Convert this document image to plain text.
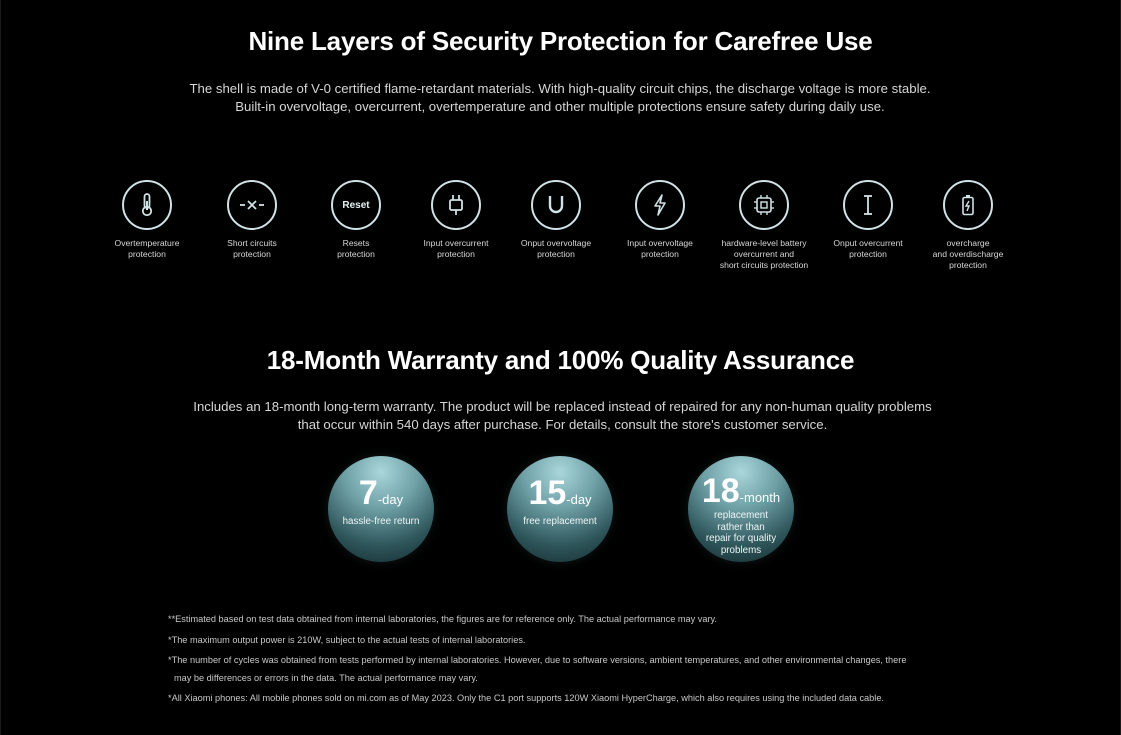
Nine Layers of Security Protection for Carefree Use
The shell is made of V-0 certified flame-retardant materials. With high-quality circuit chips, the discharge voltage is more stable. Built-in overvoltage, overcurrent, overtemperature and other multiple protections ensure safety during daily use.
Overtemperature
protection
Short circuits
protection
Reset
Resets
protection
Input overcurrent
protection
Onput overvoltage
protection
Input overvoltage
protection
hardware-level battery
overcurrent and
short circuits protection
Onput overcurrent
protection
overcharge
and overdischarge
protection
18-Month Warranty and 100% Quality Assurance
Includes an 18-month long-term warranty. The product will be replaced instead of repaired for any non-human quality problems that occur within 540 days after purchase. For details, consult the store's customer service.
7-day
hassle-free return
15-day
free replacement
18-month
replacement rather than repair for quality problems
**Estimated based on test data obtained from internal laboratories, the figures are for reference only. The actual performance may vary.
*The maximum output power is 210W, subject to the actual tests of internal laboratories.
*The number of cycles was obtained from tests performed by internal laboratories. However, due to software versions, ambient temperatures, and other environmental changes, there
may be differences or errors in the data. The actual performance may vary.
*All Xiaomi phones: All mobile phones sold on mi.com as of May 2023. Only the C1 port supports 120W Xiaomi HyperCharge, which also requires using the included data cable.
